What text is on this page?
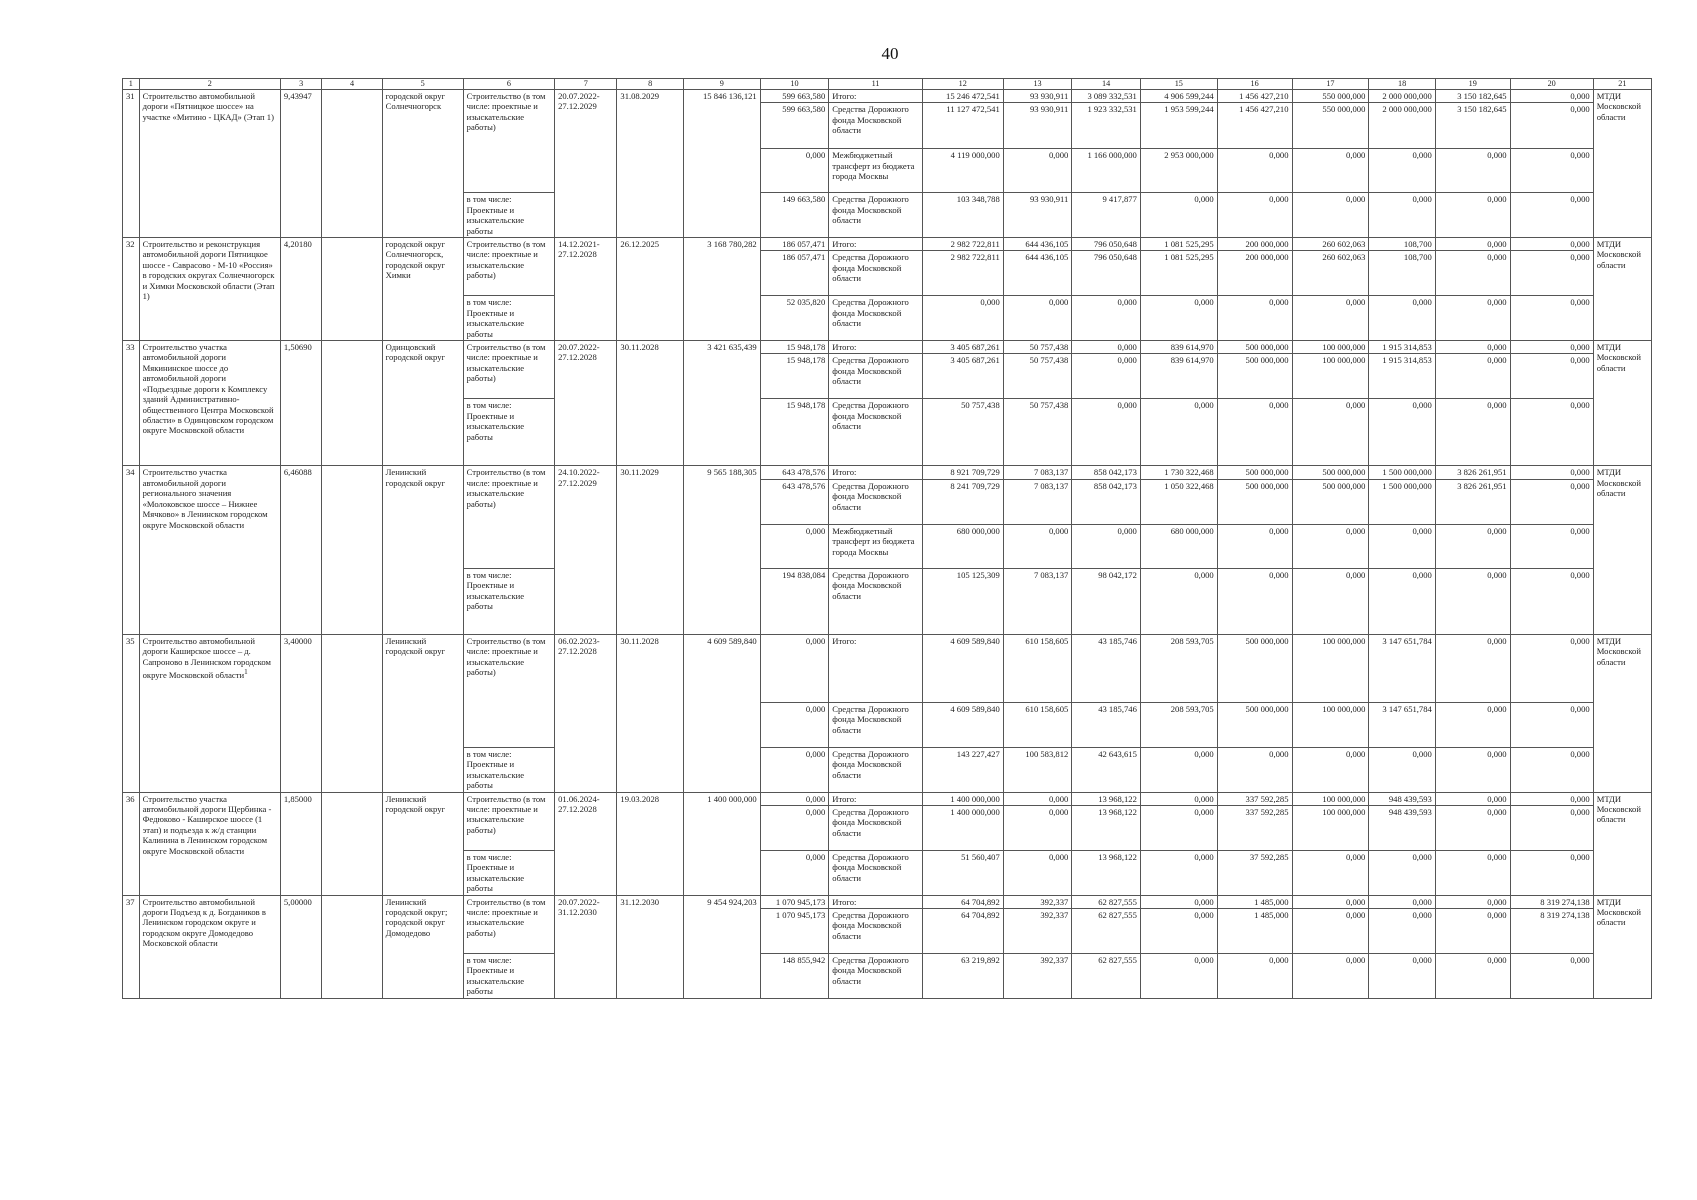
40
1	2	3	4	5	6	7	8	9	10	11	12	13	14	15	16	17	18	19	20	21
31	Строительство автомобильной дороги «Пятницкое шоссе» на участке «Митино - ЦКАД» (Этап 1)	9,43947		городской округ Солнечногорск	Строительство (в том числе: проектные и изыскательские работы)	20.07.2022-27.12.2029	31.08.2029	15 846 136,121	599 663,580	Итого:	15 246 472,541	93 930,911	3 089 332,531	4 906 599,244	1 456 427,210	550 000,000	2 000 000,000	3 150 182,645	0,000	МТДИ Московской области
									599 663,580	Средства Дорожного фонда Московской области	11 127 472,541	93 930,911	1 923 332,531	1 953 599,244	1 456 427,210	550 000,000	2 000 000,000	3 150 182,645	0,000	
									0,000	Межбюджетный трансферт из бюджета города Москвы	4 119 000,000	0,000	1 166 000,000	2 953 000,000	0,000	0,000	0,000	0,000	0,000	
					в том числе: Проектные и изыскательские работы				149 663,580	Средства Дорожного фонда Московской области	103 348,788	93 930,911	9 417,877	0,000	0,000	0,000	0,000	0,000	0,000	
32	Строительство и реконструкция автомобильной дороги Пятницкое шоссе - Саврасово - М-10 «Россия» в городских округах Солнечногорск и Химки Московской области (Этап 1)	4,20180		городской округ Солнечногорск, городской округ Химки	Строительство (в том числе: проектные и изыскательские работы)	14.12.2021-27.12.2028	26.12.2025	3 168 780,282	186 057,471	Итого:	2 982 722,811	644 436,105	796 050,648	1 081 525,295	200 000,000	260 602,063	108,700	0,000	0,000	МТДИ Московской области
									186 057,471	Средства Дорожного фонда Московской области	2 982 722,811	644 436,105	796 050,648	1 081 525,295	200 000,000	260 602,063	108,700	0,000	0,000	
					в том числе: Проектные и изыскательские работы				52 035,820	Средства Дорожного фонда Московской области	0,000	0,000	0,000	0,000	0,000	0,000	0,000	0,000	0,000	
33	Строительство участка автомобильной дороги Мякининское шоссе до автомобильной дороги «Подъездные дороги к Комплексу зданий Административно-общественного Центра Московской области» в Одинцовском городском округе Московской области	1,50690		Одинцовский городской округ	Строительство (в том числе: проектные и изыскательские работы)	20.07.2022-27.12.2028	30.11.2028	3 421 635,439	15 948,178	Итого:	3 405 687,261	50 757,438	0,000	839 614,970	500 000,000	100 000,000	1 915 314,853	0,000	0,000	МТДИ Московской области
									15 948,178	Средства Дорожного фонда Московской области	3 405 687,261	50 757,438	0,000	839 614,970	500 000,000	100 000,000	1 915 314,853	0,000	0,000	
					в том числе: Проектные и изыскательские работы				15 948,178	Средства Дорожного фонда Московской области	50 757,438	50 757,438	0,000	0,000	0,000	0,000	0,000	0,000	0,000	
34	Строительство участка автомобильной дороги регионального значения «Молоковское шоссе – Нижнее Мячково» в Ленинском городском округе Московской области	6,46088		Ленинский городской округ	Строительство (в том числе: проектные и изыскательские работы)	24.10.2022-27.12.2029	30.11.2029	9 565 188,305	643 478,576	Итого:	8 921 709,729	7 083,137	858 042,173	1 730 322,468	500 000,000	500 000,000	1 500 000,000	3 826 261,951	0,000	МТДИ Московской области
									643 478,576	Средства Дорожного фонда Московской области	8 241 709,729	7 083,137	858 042,173	1 050 322,468	500 000,000	500 000,000	1 500 000,000	3 826 261,951	0,000	
									0,000	Межбюджетный трансферт из бюджета города Москвы	680 000,000	0,000	0,000	680 000,000	0,000	0,000	0,000	0,000	0,000	
					в том числе: Проектные и изыскательские работы				194 838,084	Средства Дорожного фонда Московской области	105 125,309	7 083,137	98 042,172	0,000	0,000	0,000	0,000	0,000	0,000	
35	Строительство автомобильной дороги Каширское шоссе – д. Сапроново в Ленинском городском округе Московской области$^1$	3,40000		Ленинский городской округ	Строительство (в том числе: проектные и изыскательские работы)	06.02.2023-27.12.2028	30.11.2028	4 609 589,840	0,000	Итого:	4 609 589,840	610 158,605	43 185,746	208 593,705	500 000,000	100 000,000	3 147 651,784	0,000	0,000	МТДИ Московской области
									0,000	Средства Дорожного фонда Московской области	4 609 589,840	610 158,605	43 185,746	208 593,705	500 000,000	100 000,000	3 147 651,784	0,000	0,000	
					в том числе: Проектные и изыскательские работы				0,000	Средства Дорожного фонда Московской области	143 227,427	100 583,812	42 643,615	0,000	0,000	0,000	0,000	0,000	0,000	
36	Строительство участка автомобильной дороги Щербинка - Федюково - Каширское шоссе (1 этап) и подъезда к ж/д станции Калинина в Ленинском городском округе Московской области	1,85000		Ленинский городской округ	Строительство (в том числе: проектные и изыскательские работы)	01.06.2024-27.12.2028	19.03.2028	1 400 000,000	0,000	Итого:	1 400 000,000	0,000	13 968,122	0,000	337 592,285	100 000,000	948 439,593	0,000	0,000	МТДИ Московской области
									0,000	Средства Дорожного фонда Московской области	1 400 000,000	0,000	13 968,122	0,000	337 592,285	100 000,000	948 439,593	0,000	0,000	
					в том числе: Проектные и изыскательские работы				0,000	Средства Дорожного фонда Московской области	51 560,407	0,000	13 968,122	0,000	37 592,285	0,000	0,000	0,000	0,000	
37	Строительство автомобильной дороги Подъезд к д. Богдаников в Ленинском городском округе и городском округе Домодедово Московской области	5,00000		Ленинский городской округ; городской округ Домодедово	Строительство (в том числе: проектные и изыскательские работы)	20.07.2022-31.12.2030	31.12.2030	9 454 924,203	1 070 945,173	Итого:	64 704,892	392,337	62 827,555	0,000	1 485,000	0,000	0,000	0,000	8 319 274,138	МТДИ Московской области
									1 070 945,173	Средства Дорожного фонда Московской области	64 704,892	392,337	62 827,555	0,000	1 485,000	0,000	0,000	0,000	8 319 274,138	
					в том числе: Проектные и изыскательские работы				148 855,942	Средства Дорожного фонда Московской области	63 219,892	392,337	62 827,555	0,000	0,000	0,000	0,000	0,000	0,000	
